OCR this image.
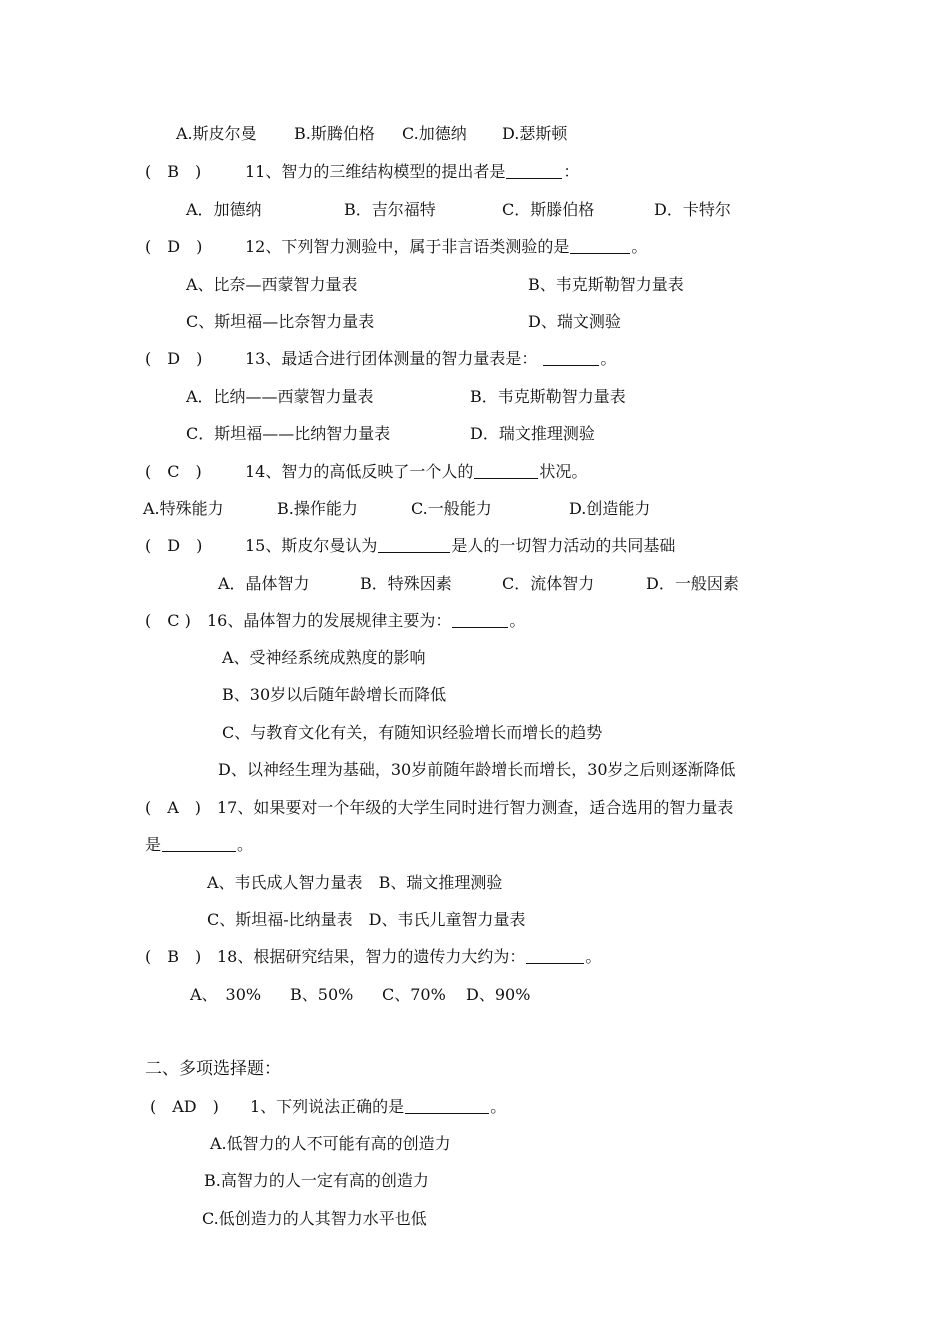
A.斯皮尔曼 B.斯腾伯格 C.加德纳 D.瑟斯顿
(　B　)	11、智力的三维结构模型的提出者是	：
A．加德纳	B．吉尔福特	C．斯滕伯格	D．卡特尔
(　D　)	12、下列智力测验中，属于非言语类测验的是	。
A、比奈—西蒙智力量表	B、韦克斯勒智力量表
C、斯坦福—比奈智力量表	D、瑞文测验
(　D　)	13、最适合进行团体测量的智力量表是：	。
A．比纳——西蒙智力量表	B．韦克斯勒智力量表
C．斯坦福——比纳智力量表	D．瑞文推理测验
(　C　)	14、智力的高低反映了一个人的	状况。
A.特殊能力	B.操作能力	C.一般能力	D.创造能力
(　D　)	15、斯皮尔曼认为	是人的一切智力活动的共同基础
A．晶体智力	B．特殊因素	C．流体智力	D．一般因素
(　C ) 16、晶体智力的发展规律主要为：	。
A、受神经系统成熟度的影响
B、30岁以后随年龄增长而降低
C、与教育文化有关，有随知识经验增长而增长的趋势
D、以神经生理为基础，30岁前随年龄增长而增长，30岁之后则逐渐降低
(　A　) 17、如果要对一个年级的大学生同时进行智力测查，适合选用的智力量表
是	。
A、韦氏成人智力量表 B、瑞文推理测验
C、斯坦福-比纳量表 D、韦氏儿童智力量表
(　B　) 18、根据研究结果，智力的遗传力大约为：	。
A、　30% B、50% C、70% D、90%
二、多项选择题：
(　AD　) 1、下列说法正确的是	。
A.低智力的人不可能有高的创造力
B.高智力的人一定有高的创造力
C.低创造力的人其智力水平也低
